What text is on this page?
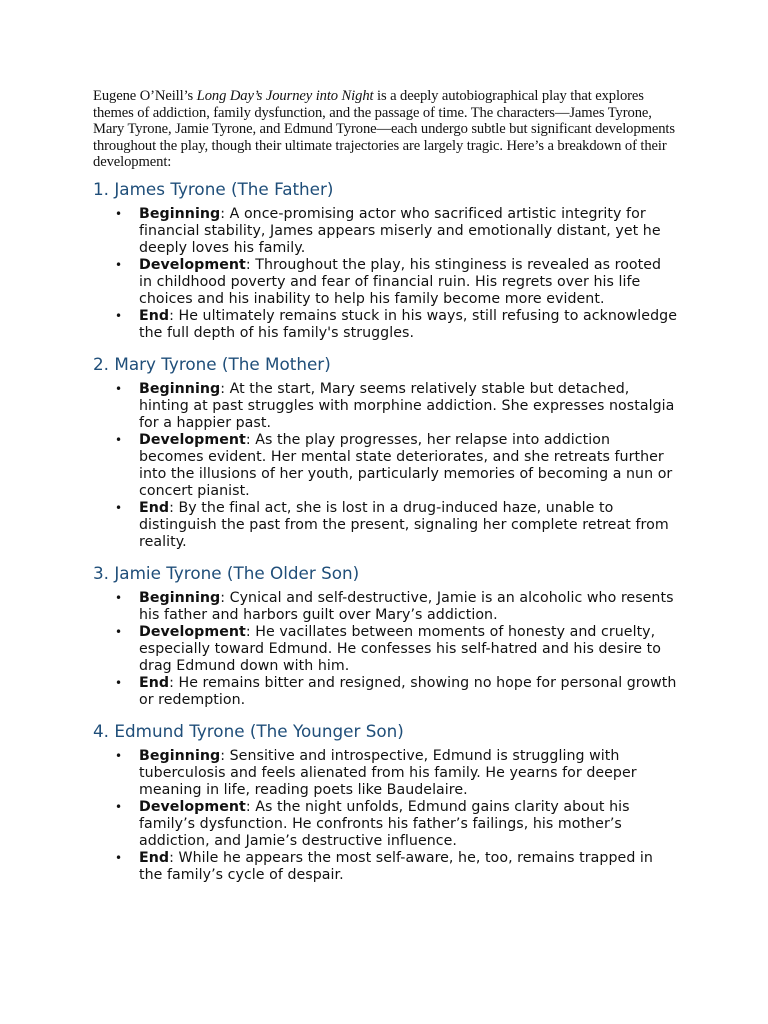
Eugene O’Neill’s Long Day’s Journey into Night is a deeply autobiographical play that explores themes of addiction, family dysfunction, and the passage of time. The characters—James Tyrone, Mary Tyrone, Jamie Tyrone, and Edmund Tyrone—each undergo subtle but significant developments throughout the play, though their ultimate trajectories are largely tragic. Here’s a breakdown of their development:

1. James Tyrone (The Father)
• Beginning: A once-promising actor who sacrificed artistic integrity for financial stability, James appears miserly and emotionally distant, yet he deeply loves his family.
• Development: Throughout the play, his stinginess is revealed as rooted in childhood poverty and fear of financial ruin. His regrets over his life choices and his inability to help his family become more evident.
• End: He ultimately remains stuck in his ways, still refusing to acknowledge the full depth of his family's struggles.
2. Mary Tyrone (The Mother)
• Beginning: At the start, Mary seems relatively stable but detached, hinting at past struggles with morphine addiction. She expresses nostalgia for a happier past.
• Development: As the play progresses, her relapse into addiction becomes evident. Her mental state deteriorates, and she retreats further into the illusions of her youth, particularly memories of becoming a nun or concert pianist.
• End: By the final act, she is lost in a drug-induced haze, unable to distinguish the past from the present, signaling her complete retreat from reality.
3. Jamie Tyrone (The Older Son)
• Beginning: Cynical and self-destructive, Jamie is an alcoholic who resents his father and harbors guilt over Mary’s addiction.
• Development: He vacillates between moments of honesty and cruelty, especially toward Edmund. He confesses his self-hatred and his desire to drag Edmund down with him.
• End: He remains bitter and resigned, showing no hope for personal growth or redemption.
4. Edmund Tyrone (The Younger Son)
• Beginning: Sensitive and introspective, Edmund is struggling with tuberculosis and feels alienated from his family. He yearns for deeper meaning in life, reading poets like Baudelaire.
• Development: As the night unfolds, Edmund gains clarity about his family’s dysfunction. He confronts his father’s failings, his mother’s addiction, and Jamie’s destructive influence.
• End: While he appears the most self-aware, he, too, remains trapped in the family’s cycle of despair.
